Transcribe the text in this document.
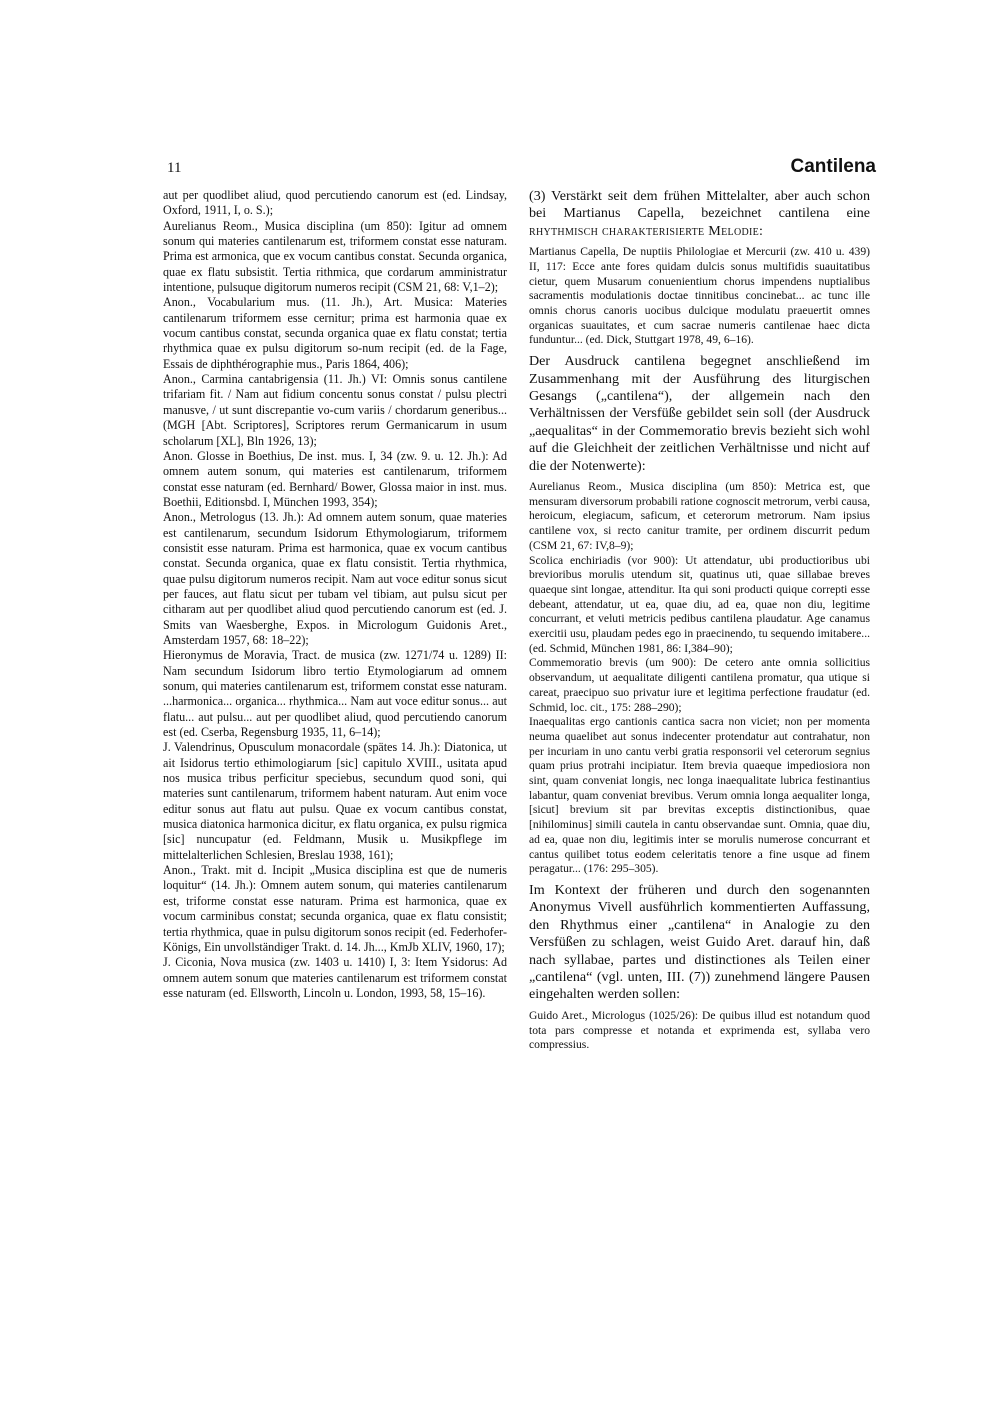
11	Cantilena

aut per quodlibet aliud, quod percutiendo canorum est (ed. Lindsay, Oxford, 1911, I, o. S.);

Aurelianus Reom., Musica disciplina (um 850): Igitur ad omnem sonum qui materies cantilenarum est, triformem constat esse naturam. Prima est armonica, que ex vocum cantibus constat. Secunda organica, quae ex flatu subsistit. Tertia rithmica, que cordarum amministratur intentione, pulsuque digitorum numeros recipit (CSM 21, 68: V,1–2);

Anon., Vocabularium mus. (11. Jh.), Art. Musica: Materies cantilenarum triformem esse cernitur; prima est harmonia quae ex vocum cantibus constat, secunda organica quae ex flatu constat; tertia rhythmica quae ex pulsu digitorum so-num recipit (ed. de la Fage, Essais de diphthérographie mus., Paris 1864, 406);

Anon., Carmina cantabrigensia (11. Jh.) VI: Omnis sonus cantilene trifariam fit. / Nam aut fidium concentu sonus constat / pulsu plectri manusve, / ut sunt discrepantie vo-cum variis / chordarum generibus... (MGH [Abt. Scriptores], Scriptores rerum Germanicarum in usum scholarum [XL], Bln 1926, 13);

Anon. Glosse in Boethius, De inst. mus. I, 34 (zw. 9. u. 12. Jh.): Ad omnem autem sonum, qui materies est cantilenarum, triformem constat esse naturam (ed. Bernhard/ Bower, Glossa maior in inst. mus. Boethii, Editionsbd. I, München 1993, 354);

Anon., Metrologus (13. Jh.): Ad omnem autem sonum, quae materies est cantilenarum, secundum Isidorum Ethymologiarum, triformem consistit esse naturam. Prima est harmonica, quae ex vocum cantibus constat. Secunda organica, quae ex flatu consistit. Tertia rhythmica, quae pulsu digitorum numeros recipit. Nam aut voce editur sonus sicut per fauces, aut flatu sicut per tubam vel tibiam, aut pulsu sicut per citharam aut per quodlibet aliud quod percutiendo canorum est (ed. J. Smits van Waesberghe, Expos. in Micrologum Guidonis Aret., Amsterdam 1957, 68: 18–22);

Hieronymus de Moravia, Tract. de musica (zw. 1271/74 u. 1289) II: Nam secundum Isidorum libro tertio Etymologiarum ad omnem sonum, qui materies cantilenarum est, triformem constat esse naturam. ...harmonica... organica... rhythmica... Nam aut voce editur sonus... aut flatu... aut pulsu... aut per quodlibet aliud, quod percutiendo canorum est (ed. Cserba, Regensburg 1935, 11, 6–14);

J. Valendrinus, Opusculum monacordale (spätes 14. Jh.): Diatonica, ut ait Isidorus tertio ethimologiarum [sic] capitulo XVIII., usitata apud nos musica tribus perficitur speciebus, secundum quod soni, qui materies sunt cantilenarum, triformem habent naturam. Aut enim voce editur sonus aut flatu aut pulsu. Quae ex vocum cantibus constat, musica diatonica harmonica dicitur, ex flatu organica, ex pulsu rigmica [sic] nuncupatur (ed. Feldmann, Musik u. Musikpflege im mittelalterlichen Schlesien, Breslau 1938, 161);

Anon., Trakt. mit d. Incipit „Musica disciplina est que de numeris loquitur“ (14. Jh.): Omnem autem sonum, qui materies cantilenarum est, triforme constat esse naturam. Prima est harmonica, quae ex vocum carminibus constat; secunda organica, quae ex flatu consistit; tertia rhythmica, quae in pulsu digitorum sonos recipit (ed. Federhofer-Königs, Ein unvollständiger Trakt. d. 14. Jh..., KmJb XLIV, 1960, 17);

J. Ciconia, Nova musica (zw. 1403 u. 1410) I, 3: Item Ysidorus: Ad omnem autem sonum que materies cantilenarum est triformem constat esse naturam (ed. Ellsworth, Lincoln u. London, 1993, 58, 15–16).

(3) Verstärkt seit dem frühen Mittelalter, aber auch schon bei Martianus Capella, bezeichnet cantilena eine rhythmisch charakterisierte Melodie:

Martianus Capella, De nuptiis Philologiae et Mercurii (zw. 410 u. 439) II, 117: Ecce ante fores quidam dulcis sonus multifidis suauitatibus cietur, quem Musarum conuenientium chorus impendens nuptialibus sacramentis modulationis doctae tinnitibus concinebat... ac tunc ille omnis chorus canoris uocibus dulcique modulatu praeuertit omnes organicas suauitates, et cum sacrae numeris cantilenae haec dicta funduntur... (ed. Dick, Stuttgart 1978, 49, 6–16).

Der Ausdruck cantilena begegnet anschließend im Zusammenhang mit der Ausführung des liturgischen Gesangs („cantilena“), der allgemein nach den Verhältnissen der Versfüße gebildet sein soll (der Ausdruck „aequalitas“ in der Commemoratio brevis bezieht sich wohl auf die Gleichheit der zeitlichen Verhältnisse und nicht auf die der Notenwerte):

Aurelianus Reom., Musica disciplina (um 850): Metrica est, que mensuram diversorum probabili ratione cognoscit metrorum, verbi causa, heroicum, elegiacum, saficum, et ceterorum metrorum. Nam ipsius cantilene vox, si recto canitur tramite, per ordinem discurrit pedum (CSM 21, 67: IV,8–9);

Scolica enchiriadis (vor 900): Ut attendatur, ubi productioribus ubi brevioribus morulis utendum sit, quatinus uti, quae sillabae breves quaeque sint longae, attenditur. Ita qui soni producti quique correpti esse debeant, attendatur, ut ea, quae diu, ad ea, quae non diu, legitime concurrant, et veluti metricis pedibus cantilena plaudatur. Age canamus exercitii usu, plaudam pedes ego in praecinendo, tu sequendo imitabere... (ed. Schmid, München 1981, 86: I,384–90);

Commemoratio brevis (um 900): De cetero ante omnia sollicitius observandum, ut aequalitate diligenti cantilena promatur, qua utique si careat, praecipuo suo privatur iure et legitima perfectione fraudatur (ed. Schmid, loc. cit., 175: 288–290);

Inaequalitas ergo cantionis cantica sacra non viciet; non per momenta neuma quaelibet aut sonus indecenter protendatur aut contrahatur, non per incuriam in uno cantu verbi gratia responsorii vel ceterorum segnius quam prius protrahi incipiatur. Item brevia quaeque impediosiora non sint, quam conveniat longis, nec longa inaequalitate lubrica festinantius labantur, quam conveniat brevibus. Verum omnia longa aequaliter longa, [sicut] brevium sit par brevitas exceptis distinctionibus, quae [nihilominus] simili cautela in cantu observandae sunt. Omnia, quae diu, ad ea, quae non diu, legitimis inter se morulis numerose concurrant et cantus quilibet totus eodem celeritatis tenore a fine usque ad finem peragatur... (176: 295–305).

Im Kontext der früheren und durch den sogenannten Anonymus Vivell ausführlich kommentierten Auffassung, den Rhythmus einer „cantilena“ in Analogie zu den Versfüßen zu schlagen, weist Guido Aret. darauf hin, daß nach syllabae, partes und distinctiones als Teilen einer „cantilena“ (vgl. unten, III. (7)) zunehmend längere Pausen eingehalten werden sollen:

Guido Aret., Micrologus (1025/26): De quibus illud est notandum quod tota pars compresse et notanda et exprimenda est, syllaba vero compressius.
